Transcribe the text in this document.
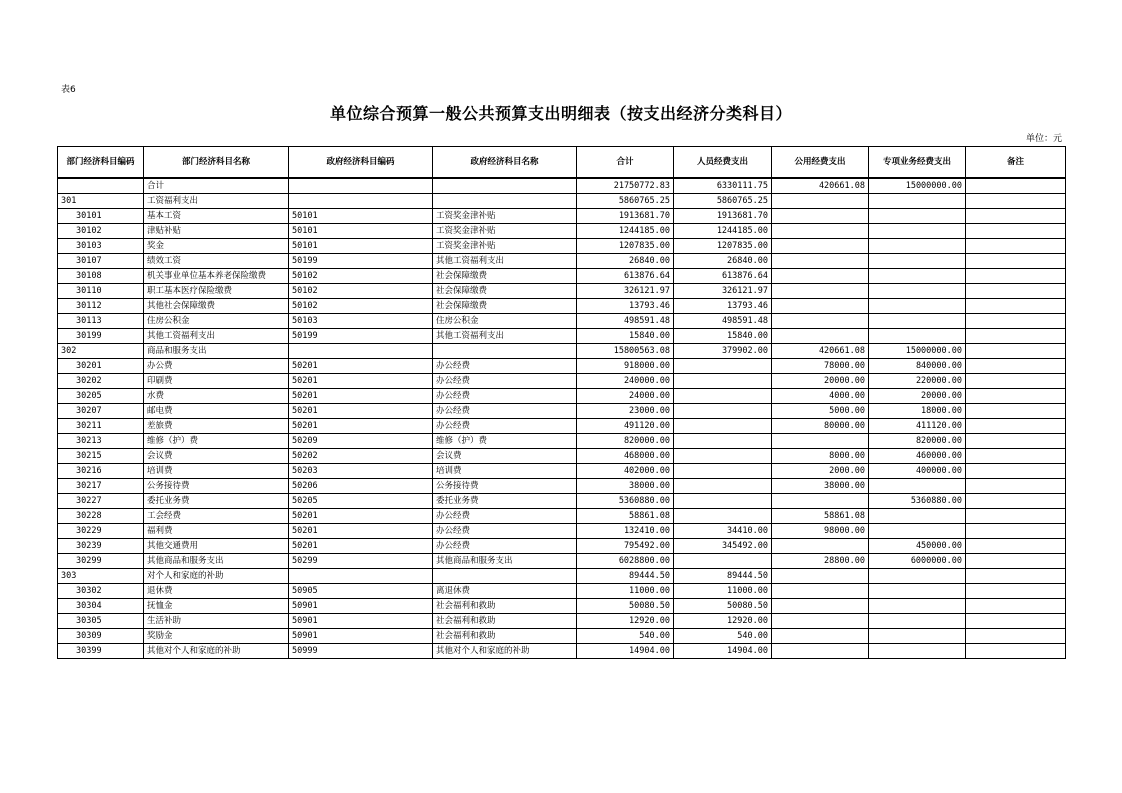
表6
单位综合预算一般公共预算支出明细表（按支出经济分类科目）
单位：元
部门经济科目编码	部门经济科目名称	政府经济科目编码	政府经济科目名称	合计	人员经费支出	公用经费支出	专项业务经费支出	备注
	合计			21750772.83	6330111.75	420661.08	15000000.00	
301	工资福利支出			5860765.25	5860765.25			
30101	基本工资	50101	工资奖金津补贴	1913681.70	1913681.70			
30102	津贴补贴	50101	工资奖金津补贴	1244185.00	1244185.00			
30103	奖金	50101	工资奖金津补贴	1207835.00	1207835.00			
30107	绩效工资	50199	其他工资福利支出	26840.00	26840.00			
30108	机关事业单位基本养老保险缴费	50102	社会保障缴费	613876.64	613876.64			
30110	职工基本医疗保险缴费	50102	社会保障缴费	326121.97	326121.97			
30112	其他社会保障缴费	50102	社会保障缴费	13793.46	13793.46			
30113	住房公积金	50103	住房公积金	498591.48	498591.48			
30199	其他工资福利支出	50199	其他工资福利支出	15840.00	15840.00			
302	商品和服务支出			15800563.08	379902.00	420661.08	15000000.00	
30201	办公费	50201	办公经费	918000.00		78000.00	840000.00	
30202	印刷费	50201	办公经费	240000.00		20000.00	220000.00	
30205	水费	50201	办公经费	24000.00		4000.00	20000.00	
30207	邮电费	50201	办公经费	23000.00		5000.00	18000.00	
30211	差旅费	50201	办公经费	491120.00		80000.00	411120.00	
30213	维修（护）费	50209	维修（护）费	820000.00			820000.00	
30215	会议费	50202	会议费	468000.00		8000.00	460000.00	
30216	培训费	50203	培训费	402000.00		2000.00	400000.00	
30217	公务接待费	50206	公务接待费	38000.00		38000.00		
30227	委托业务费	50205	委托业务费	5360880.00			5360880.00	
30228	工会经费	50201	办公经费	58861.08		58861.08		
30229	福利费	50201	办公经费	132410.00	34410.00	98000.00		
30239	其他交通费用	50201	办公经费	795492.00	345492.00		450000.00	
30299	其他商品和服务支出	50299	其他商品和服务支出	6028800.00		28800.00	6000000.00	
303	对个人和家庭的补助			89444.50	89444.50			
30302	退休费	50905	离退休费	11000.00	11000.00			
30304	抚恤金	50901	社会福利和救助	50080.50	50080.50			
30305	生活补助	50901	社会福利和救助	12920.00	12920.00			
30309	奖励金	50901	社会福利和救助	540.00	540.00			
30399	其他对个人和家庭的补助	50999	其他对个人和家庭的补助	14904.00	14904.00			
